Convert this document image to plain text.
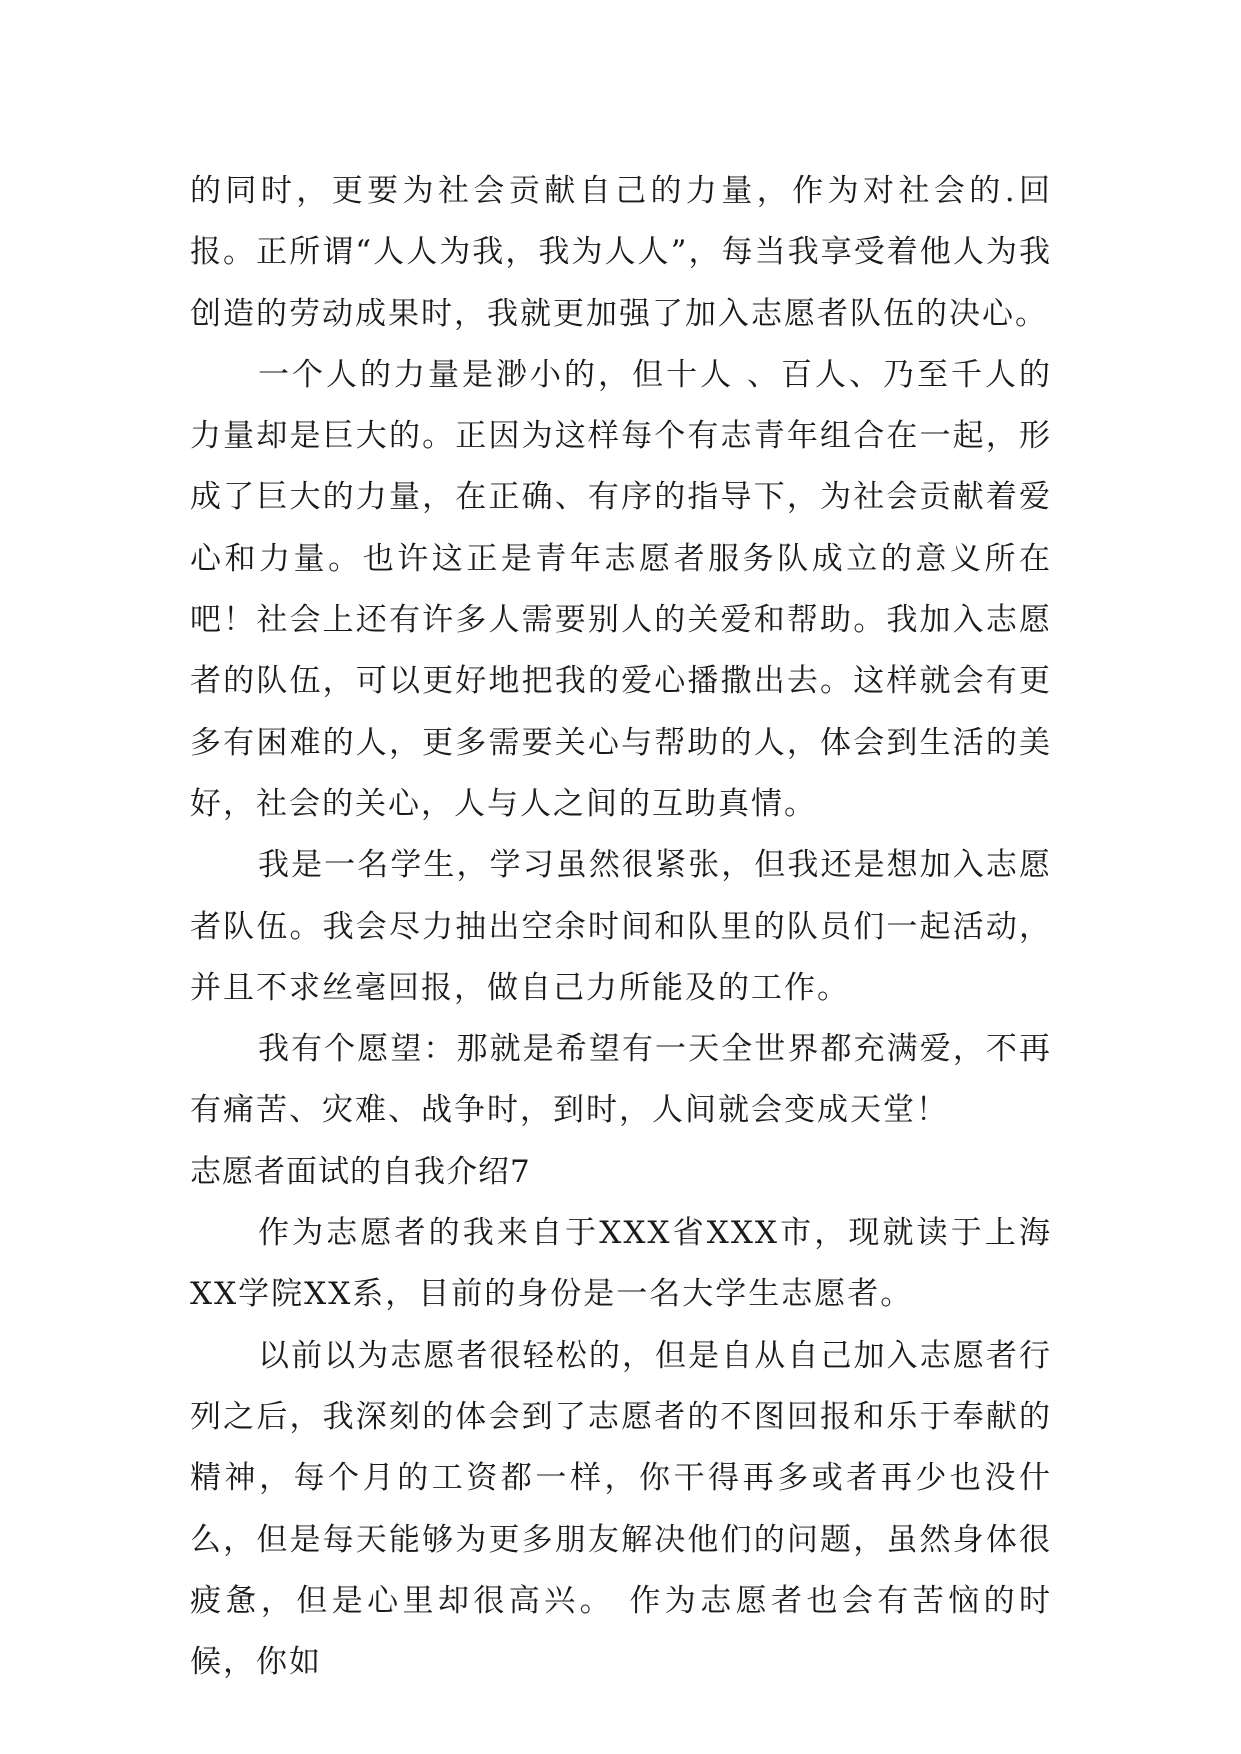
的同时，更要为社会贡献自己的力量，作为对社会的.回报。正所谓“人人为我，我为人人”，每当我享受着他人为我创造的劳动成果时，我就更加强了加入志愿者队伍的决心。

一个人的力量是渺小的，但十人 、百人、乃至千人的力量却是巨大的。正因为这样每个有志青年组合在一起，形成了巨大的力量，在正确、有序的指导下，为社会贡献着爱心和力量。也许这正是青年志愿者服务队成立的意义所在吧！社会上还有许多人需要别人的关爱和帮助。我加入志愿者的队伍，可以更好地把我的爱心播撒出去。这样就会有更多有困难的人，更多需要关心与帮助的人，体会到生活的美好，社会的关心，人与人之间的互助真情。

我是一名学生，学习虽然很紧张，但我还是想加入志愿者队伍。我会尽力抽出空余时间和队里的队员们一起活动，并且不求丝毫回报，做自己力所能及的工作。

我有个愿望：那就是希望有一天全世界都充满爱，不再有痛苦、灾难、战争时，到时，人间就会变成天堂！

志愿者面试的自我介绍7

作为志愿者的我来自于XXX省XXX市，现就读于上海XX学院XX系，目前的身份是一名大学生志愿者。

以前以为志愿者很轻松的，但是自从自己加入志愿者行列之后，我深刻的体会到了志愿者的不图回报和乐于奉献的精神，每个月的工资都一样，你干得再多或者再少也没什么，但是每天能够为更多朋友解决他们的问题，虽然身体很疲惫，但是心里却很高兴。 作为志愿者也会有苦恼的时候，你如
